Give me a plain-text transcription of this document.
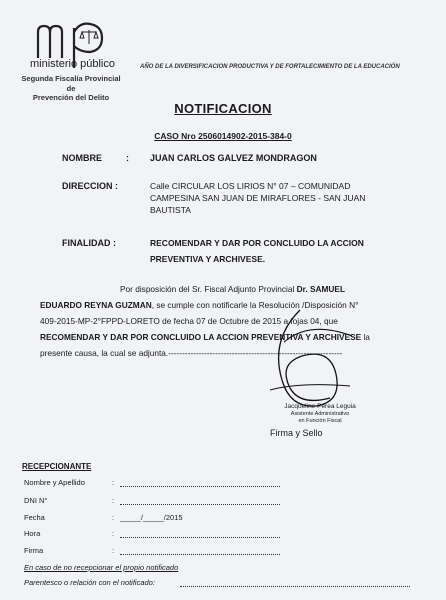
ministerio público
Segunda Fiscalía Provincial de
Prevención del Delito
AÑO DE LA DIVERSIFICACION PRODUCTIVA Y DE FORTALECIMIENTO DE LA EDUCACIÓN
NOTIFICACION
CASO Nro 2506014902-2015-384-0
NOMBRE	: JUAN CARLOS GALVEZ MONDRAGON
DIRECCION :	Calle CIRCULAR LOS LIRIOS N° 07 – COMUNIDAD
CAMPESINA SAN JUAN DE MIRAFLORES - SAN JUAN
BAUTISTA
FINALIDAD :	RECOMENDAR Y DAR POR CONCLUIDO LA ACCION
PREVENTIVA Y ARCHIVESE.
Por disposición del Sr. Fiscal Adjunto Provincial Dr. SAMUEL
EDUARDO REYNA GUZMAN, se cumple con notificarle la Resolución /Disposición N°
409-2015-MP-2°FPPD-LORETO de fecha 07 de Octubre de 2015 a fojas 04, que
RECOMENDAR Y DAR POR CONCLUIDO LA ACCION PREVENTIVA Y ARCHIVESE la
presente causa, la cual se adjunta.---------------------------------------------------------------
Jacqueline Perea Leguia
Asistente Administrativo
en Función Fiscal
Firma y Sello
RECEPCIONANTE
Nombre y Apellido	:
DNI N°	:
Fecha	: _____/_____/2015
Hora	:
Firma	:
En caso de no recepcionar el propio notificado
Parentesco o relación con el notificado:
